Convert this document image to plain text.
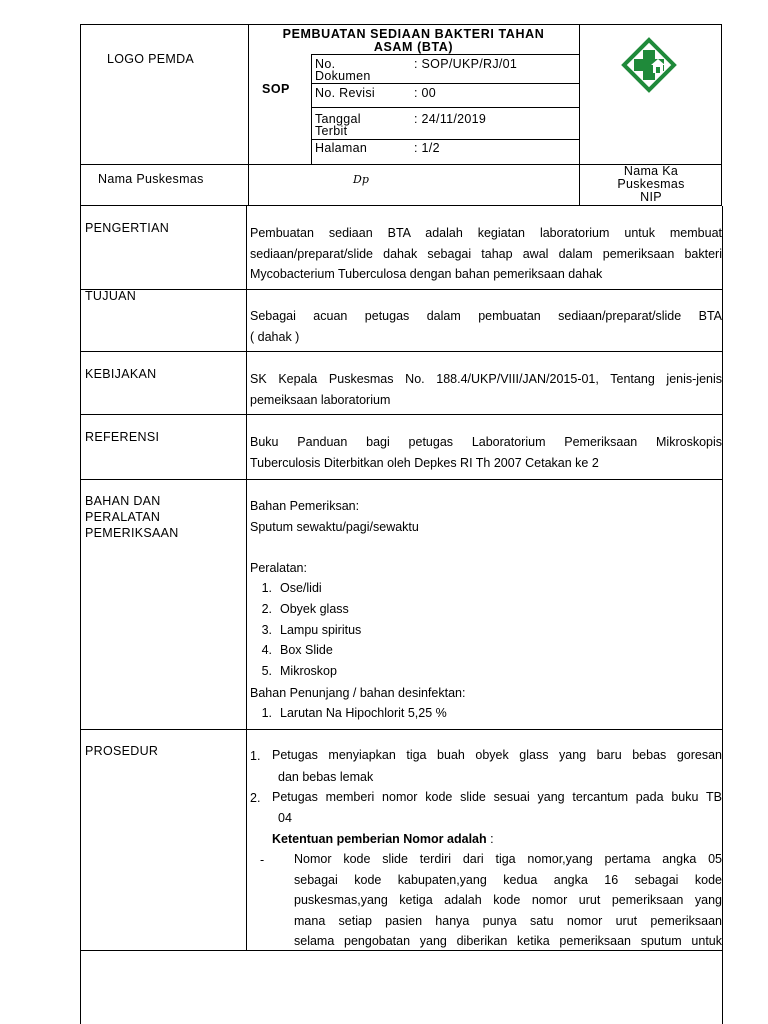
LOGO PEMDA
PEMBUATAN SEDIAAN BAKTERI TAHAN
ASAM (BTA)
SOP
No.
Dokumen
: SOP/UKP/RJ/01
No. Revisi	: 00
Tanggal
Terbit
: 24/11/2019
Halaman	: 1/2
Nama Puskesmas	Dp
Nama Ka
Puskesmas
NIP
PENGERTIAN	Pembuatan sediaan BTA adalah kegiatan laboratorium untuk membuat
sediaan/preparat/slide dahak sebagai tahap awal dalam pemeriksaan bakteri
Mycobacterium Tuberculosa dengan bahan pemeriksaan dahak
TUJUAN
Sebagai acuan petugas dalam pembuatan sediaan/preparat/slide BTA
( dahak )
KEBIJAKAN	SK Kepala Puskesmas No. 188.4/UKP/VIII/JAN/2015-01, Tentang jenis-jenis
pemeiksaan laboratorium
REFERENSI	Buku Panduan bagi petugas Laboratorium Pemeriksaan Mikroskopis
Tuberculosis Diterbitkan oleh Depkes RI Th 2007 Cetakan ke 2
BAHAN DAN
PERALATAN
PEMERIKSAAN
Bahan Pemeriksan:
Sputum sewaktu/pagi/sewaktu
Peralatan:
1. Ose/lidi
2. Obyek glass
3. Lampu spiritus
4. Box Slide
5. Mikroskop
Bahan Penunjang / bahan desinfektan:
1. Larutan Na Hipochlorit 5,25 %
PROSEDUR	1. Petugas menyiapkan tiga buah obyek glass yang baru bebas goresan
dan bebas lemak
2. Petugas memberi nomor kode slide sesuai yang tercantum pada buku TB
04
Ketentuan pemberian Nomor adalah :
- Nomor kode slide terdiri dari tiga nomor,yang pertama angka 05
sebagai kode kabupaten,yang kedua angka 16 sebagai kode
puskesmas,yang ketiga adalah kode nomor urut pemeriksaan yang
mana setiap pasien hanya punya satu nomor urut pemeriksaan
selama pengobatan yang diberikan ketika pemeriksaan sputum untuk
